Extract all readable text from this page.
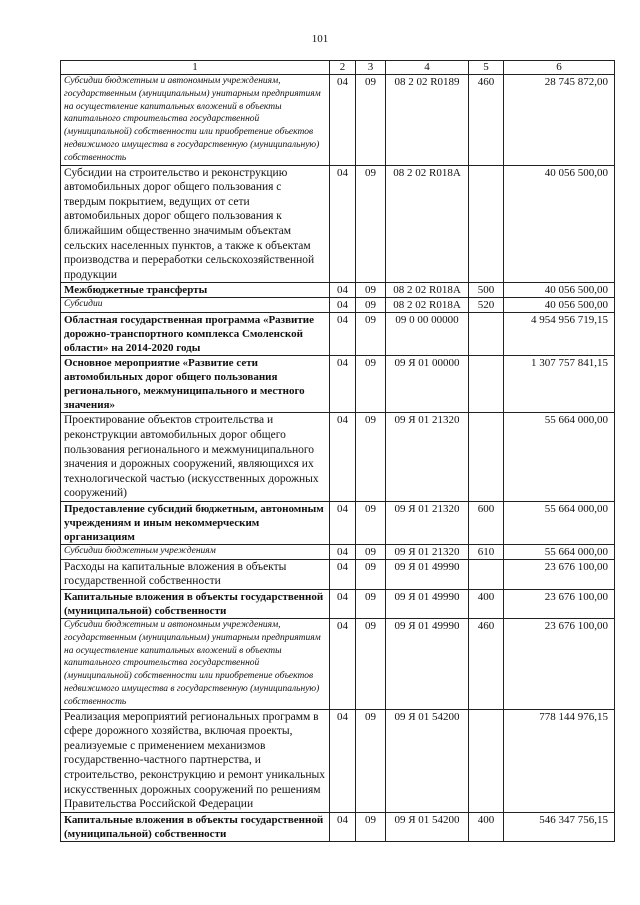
101
1	2	3	4	5	6
Субсидии бюджетным и автономным учреждениям, государственным (муниципальным) унитарным предприятиям на осуществление капитальных вложений в объекты капитального строительства государственной (муниципальной) собственности или приобретение объектов недвижимого имущества в государственную (муниципальную) собственность	04	09	08 2 02 R0189	460	28 745 872,00
Субсидии на строительство и реконструкцию автомобильных дорог общего пользования с твердым покрытием, ведущих от сети автомобильных дорог общего пользования к ближайшим общественно значимым объектам сельских населенных пунктов, а также к объектам производства и переработки сельскохозяйственной продукции	04	09	08 2 02 R018A		40 056 500,00
Межбюджетные трансферты	04	09	08 2 02 R018A	500	40 056 500,00
Субсидии	04	09	08 2 02 R018A	520	40 056 500,00
Областная государственная программа «Развитие дорожно-транспортного комплекса Смоленской области» на 2014-2020 годы	04	09	09 0 00 00000		4 954 956 719,15
Основное мероприятие «Развитие сети автомобильных дорог общего пользования регионального, межмуниципального и местного значения»	04	09	09 Я 01 00000		1 307 757 841,15
Проектирование объектов строительства и реконструкции автомобильных дорог общего пользования регионального и межмуниципального значения и дорожных сооружений, являющихся их технологической частью (искусственных дорожных сооружений)	04	09	09 Я 01 21320		55 664 000,00
Предоставление субсидий бюджетным, автономным учреждениям и иным некоммерческим организациям	04	09	09 Я 01 21320	600	55 664 000,00
Субсидии бюджетным учреждениям	04	09	09 Я 01 21320	610	55 664 000,00
Расходы на капитальные вложения в объекты государственной собственности	04	09	09 Я 01 49990		23 676 100,00
Капитальные вложения в объекты государственной (муниципальной) собственности	04	09	09 Я 01 49990	400	23 676 100,00
Субсидии бюджетным и автономным учреждениям, государственным (муниципальным) унитарным предприятиям на осуществление капитальных вложений в объекты капитального строительства государственной (муниципальной) собственности или приобретение объектов недвижимого имущества в государственную (муниципальную) собственность	04	09	09 Я 01 49990	460	23 676 100,00
Реализация мероприятий региональных программ в сфере дорожного хозяйства, включая проекты, реализуемые с применением механизмов государственно-частного партнерства, и строительство, реконструкцию и ремонт уникальных искусственных дорожных сооружений по решениям Правительства Российской Федерации	04	09	09 Я 01 54200		778 144 976,15
Капитальные вложения в объекты государственной (муниципальной) собственности	04	09	09 Я 01 54200	400	546 347 756,15
